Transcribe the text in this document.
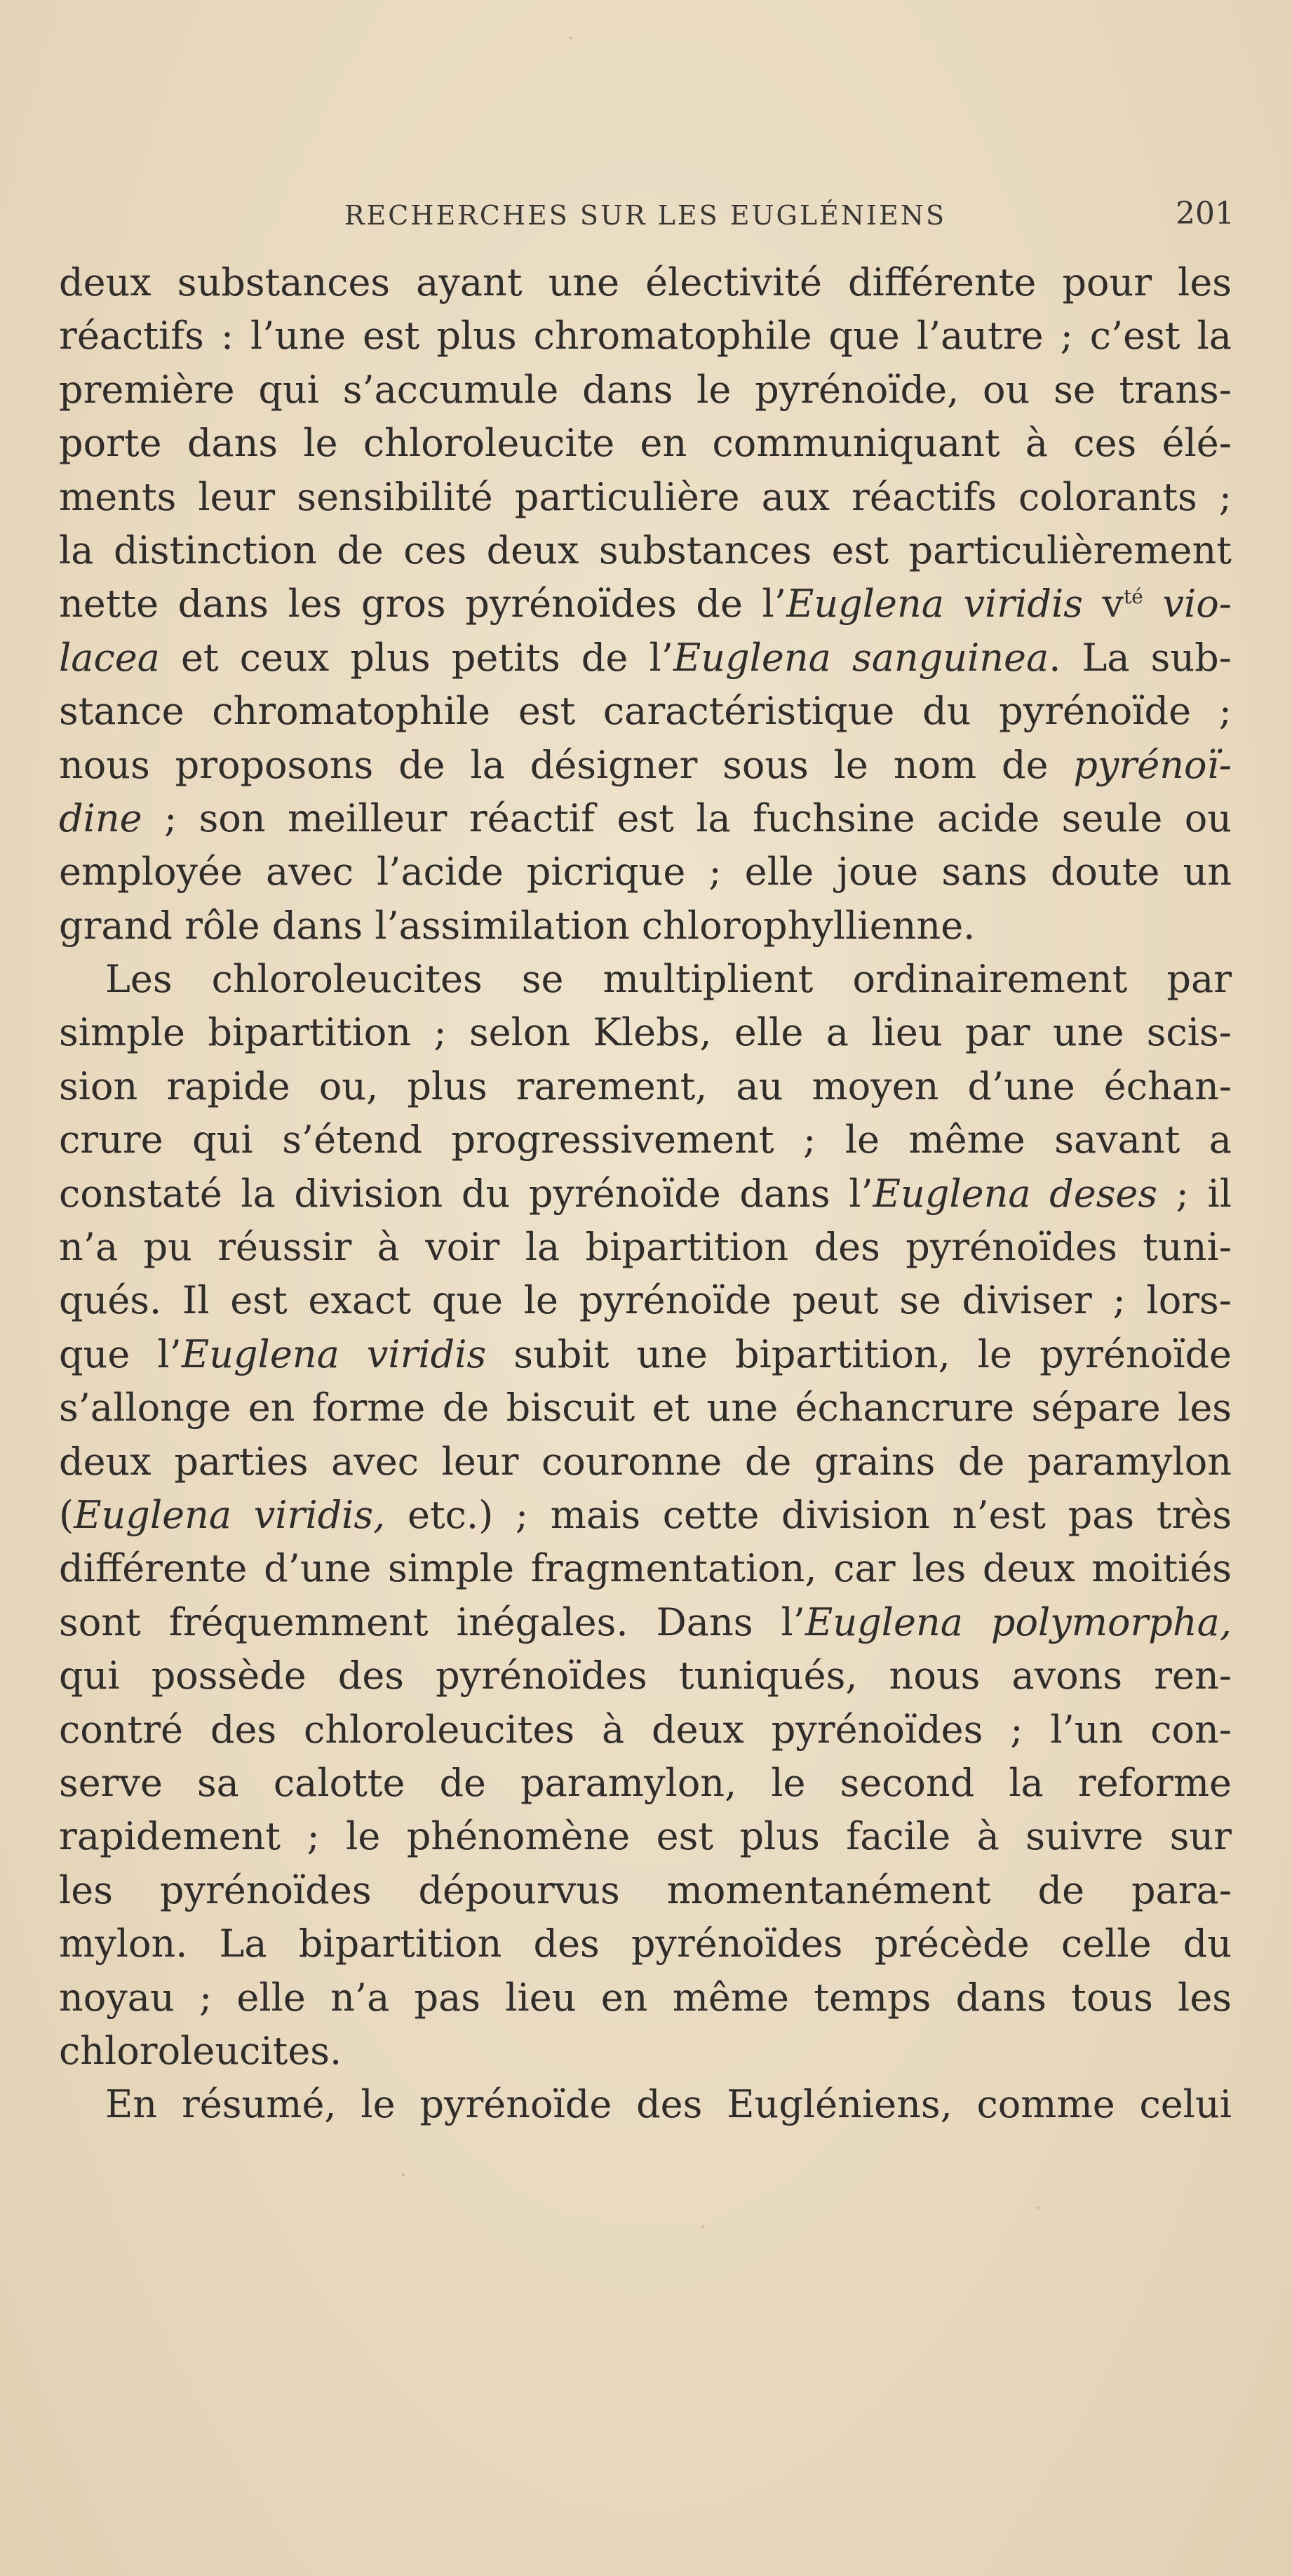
RECHERCHES SUR LES EUGLÉNIENS	201
deux substances ayant une électivité différente pour les
réactifs : l’une est plus chromatophile que l’autre ; c’est la
première qui s’accumule dans le pyrénoïde, ou se trans-
porte dans le chloroleucite en communiquant à ces élé-
ments leur sensibilité particulière aux réactifs colorants ;
la distinction de ces deux substances est particulièrement
nette dans les gros pyrénoïdes de l’Euglena viridis $v^{té}$ vio-
lacea et ceux plus petits de l’Euglena sanguinea. La sub-
stance chromatophile est caractéristique du pyrénoïde ;
nous proposons de la désigner sous le nom de pyrénoï-
dine ; son meilleur réactif est la fuchsine acide seule ou
employée avec l’acide picrique ; elle joue sans doute un
grand rôle dans l’assimilation chlorophyllienne.
Les chloroleucites se multiplient ordinairement par
simple bipartition ; selon Klebs, elle a lieu par une scis-
sion rapide ou, plus rarement, au moyen d’une échan-
crure qui s’étend progressivement ; le même savant a
constaté la division du pyrénoïde dans l’Euglena deses ; il
n’a pu réussir à voir la bipartition des pyrénoïdes tuni-
qués. Il est exact que le pyrénoïde peut se diviser ; lors-
que l’Euglena viridis subit une bipartition, le pyrénoïde
s’allonge en forme de biscuit et une échancrure sépare les
deux parties avec leur couronne de grains de paramylon
(Euglena viridis, etc.) ; mais cette division n’est pas très
différente d’une simple fragmentation, car les deux moitiés
sont fréquemment inégales. Dans l’Euglena polymorpha,
qui possède des pyrénoïdes tuniqués, nous avons ren-
contré des chloroleucites à deux pyrénoïdes ; l’un con-
serve sa calotte de paramylon, le second la reforme
rapidement ; le phénomène est plus facile à suivre sur
les pyrénoïdes dépourvus momentanément de para-
mylon. La bipartition des pyrénoïdes précède celle du
noyau ; elle n’a pas lieu en même temps dans tous les
chloroleucites.
En résumé, le pyrénoïde des Eugléniens, comme celui
